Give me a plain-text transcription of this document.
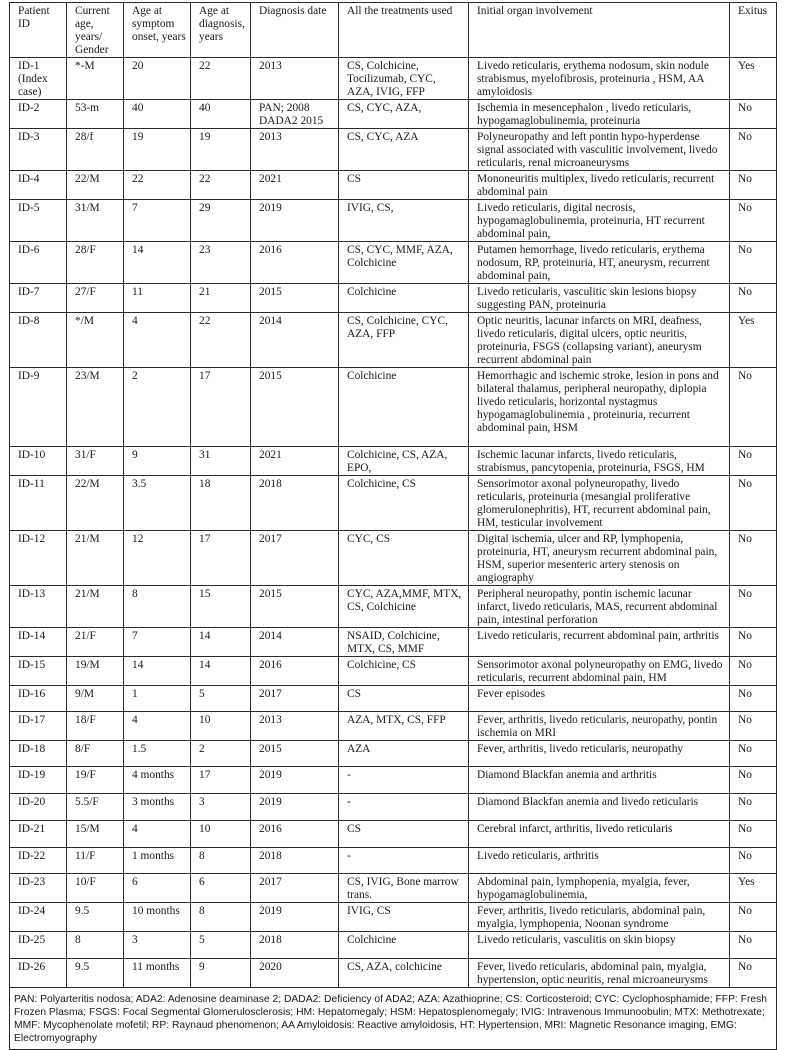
Patient ID	Current age, years/ Gender	Age at symptom onset, years	Age at diagnosis, years	Diagnosis date	All the treatments used	Initial organ involvement	Exitus
ID-1 (Index case)	*-M	20	22	2013	CS, Colchicine, Tocilizumab, CYC, AZA, IVIG, FFP	Livedo reticularis, erythema nodosum, skin nodule strabismus, myelofibrosis, proteinuria , HSM, AA amyloidosis	Yes
ID-2	53-m	40	40	PAN; 2008 DADA2 2015	CS, CYC, AZA,	Ischemia in mesencephalon , livedo reticularis, hypogamaglobulinemia, proteinuria	No
ID-3	28/f	19	19	2013	CS, CYC, AZA	Polyneuropathy and left pontin hypo-hyperdense signal associated with vasculitic involvement, livedo reticularis, renal microaneurysms	No
ID-4	22/M	22	22	2021	CS	Mononeuritis multiplex, livedo reticularis, recurrent abdominal pain	No
ID-5	31/M	7	29	2019	IVIG, CS,	Livedo reticularis, digital necrosis, hypogamaglobulinemia, proteinuria, HT recurrent abdominal pain,	No
ID-6	28/F	14	23	2016	CS, CYC, MMF, AZA, Colchicine	Putamen hemorrhage, livedo reticularis, erythema nodosum, RP, proteinuria, HT, aneurysm, recurrent abdominal pain,	No
ID-7	27/F	11	21	2015	Colchicine	Livedo reticularis, vasculitic skin lesions biopsy suggesting PAN, proteinuria	No
ID-8	*/M	4	22	2014	CS, Colchicine, CYC, AZA, FFP	Optic neuritis, lacunar infarcts on MRI, deafness, livedo reticularis, digital ulcers, optic neuritis, proteinuria, FSGS (collapsing variant), aneurysm recurrent abdominal pain	Yes
ID-9	23/M	2	17	2015	Colchicine	Hemorrhagic and ischemic stroke, lesion in pons and bilateral thalamus, peripheral neuropathy, diplopia livedo reticularis, horizontal nystagmus hypogamaglobulinemia , proteinuria, recurrent abdominal pain, HSM	No
ID-10	31/F	9	31	2021	Colchicine, CS, AZA, EPO,	Ischemic lacunar infarcts, livedo reticularis, strabismus, pancytopenia, proteinuria, FSGS, HM	No
ID-11	22/M	3.5	18	2018	Colchicine, CS	Sensorimotor axonal polyneuropathy, livedo reticularis, proteinuria (mesangial proliferative glomerulonephritis), HT, recurrent abdominal pain, HM, testicular involvement	No
ID-12	21/M	12	17	2017	CYC, CS	Digital ischemia, ulcer and RP, lymphopenia, proteinuria, HT, aneurysm recurrent abdominal pain, HSM, superior mesenteric artery stenosis on angiography	No
ID-13	21/M	8	15	2015	CYC, AZA,MMF, MTX, CS, Colchicine	Peripheral neuropathy, pontin ischemic lacunar infarct, livedo reticularis, MAS, recurrent abdominal pain, intestinal perforation	No
ID-14	21/F	7	14	2014	NSAID, Colchicine, MTX, CS, MMF	Livedo reticularis, recurrent abdominal pain, arthritis	No
ID-15	19/M	14	14	2016	Colchicine, CS	Sensorimotor axonal polyneuropathy on EMG, livedo reticularis, recurrent abdominal pain, HM	No
ID-16	9/M	1	5	2017	CS	Fever episodes	No
ID-17	18/F	4	10	2013	AZA, MTX, CS, FFP	Fever, arthritis, livedo reticularis, neuropathy, pontin ischemia on MRI	No
ID-18	8/F	1.5	2	2015	AZA	Fever, arthritis, livedo reticularis, neuropathy	No
ID-19	19/F	4 months	17	2019	-	Diamond Blackfan anemia and arthritis	No
ID-20	5.5/F	3 months	3	2019	-	Diamond Blackfan anemia and livedo reticularis	No
ID-21	15/M	4	10	2016	CS	Cerebral infarct, arthritis, livedo reticularis	No
ID-22	11/F	1 months	8	2018	-	Livedo reticularis, arthritis	No
ID-23	10/F	6	6	2017	CS, IVIG, Bone marrow trans.	Abdominal pain, lymphopenia, myalgia, fever, hypogamaglobulinemia,	Yes
ID-24	9.5	10 months	8	2019	IVIG, CS	Fever, arthritis, livedo reticularis, abdominal pain, myalgia, lymphopenia, Noonan syndrome	No
ID-25	8	3	5	2018	Colchicine	Livedo reticularis, vasculitis on skin biopsy	No
ID-26	9.5	11 months	9	2020	CS, AZA, colchicine	Fever, livedo reticularis, abdominal pain, myalgia, hypertension, optic neuritis, renal microaneurysms	No
PAN: Polyarteritis nodosa; ADA2: Adenosine deaminase 2; DADA2: Deficiency of ADA2; AZA: Azathioprine; CS: Corticosteroid; CYC: Cyclophosphamide; FFP: Fresh Frozen Plasma; FSGS: Focal Segmental Glomerulosclerosis; HM: Hepatomegaly; HSM: Hepatosplenomegaly; IVIG: Intravenous Immunoobulin; MTX: Methotrexate; MMF: Mycophenolate mofetil; RP: Raynaud phenomenon; AA Amyloidosis: Reactive amyloidosis, HT: Hypertension, MRI: Magnetic Resonance imaging, EMG: Electromyography							
